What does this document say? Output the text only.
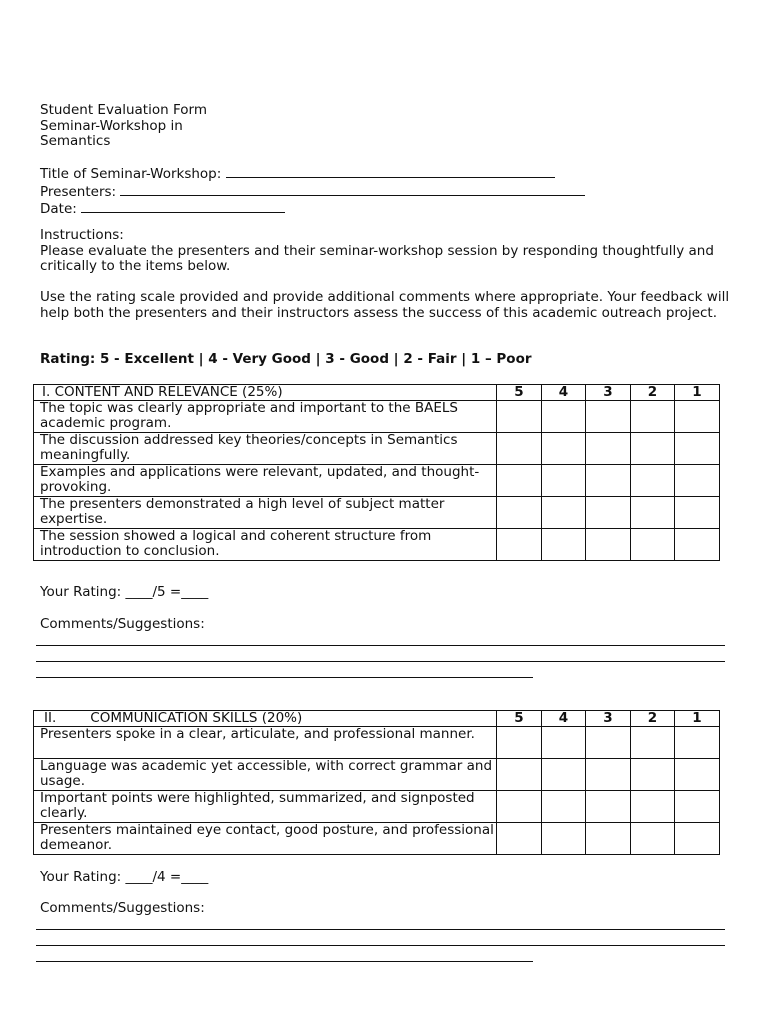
Student Evaluation Form
Seminar-Workshop in
Semantics
Title of Seminar-Workshop:
Presenters:
Date:
Instructions:
Please evaluate the presenters and their seminar-workshop session by responding thoughtfully and critically to the items below.
Use the rating scale provided and provide additional comments where appropriate. Your feedback will help both the presenters and their instructors assess the success of this academic outreach project.
Rating: 5 - Excellent | 4 - Very Good | 3 - Good | 2 - Fair | 1 – Poor
I. CONTENT AND RELEVANCE (25%)	5	4	3	2	1
The topic was clearly appropriate and important to the BAELS academic program.					
The discussion addressed key theories/concepts in Semantics meaningfully.					
Examples and applications were relevant, updated, and thought-provoking.					
The presenters demonstrated a high level of subject matter expertise.					
The session showed a logical and coherent structure from introduction to conclusion.					
Your Rating: ____/5 =____
Comments/Suggestions:
II. COMMUNICATION SKILLS (20%)	5	4	3	2	1
Presenters spoke in a clear, articulate, and professional manner.					
Language was academic yet accessible, with correct grammar and usage.					
Important points were highlighted, summarized, and signposted clearly.					
Presenters maintained eye contact, good posture, and professional demeanor.					
Your Rating: ____/4 =____
Comments/Suggestions:
